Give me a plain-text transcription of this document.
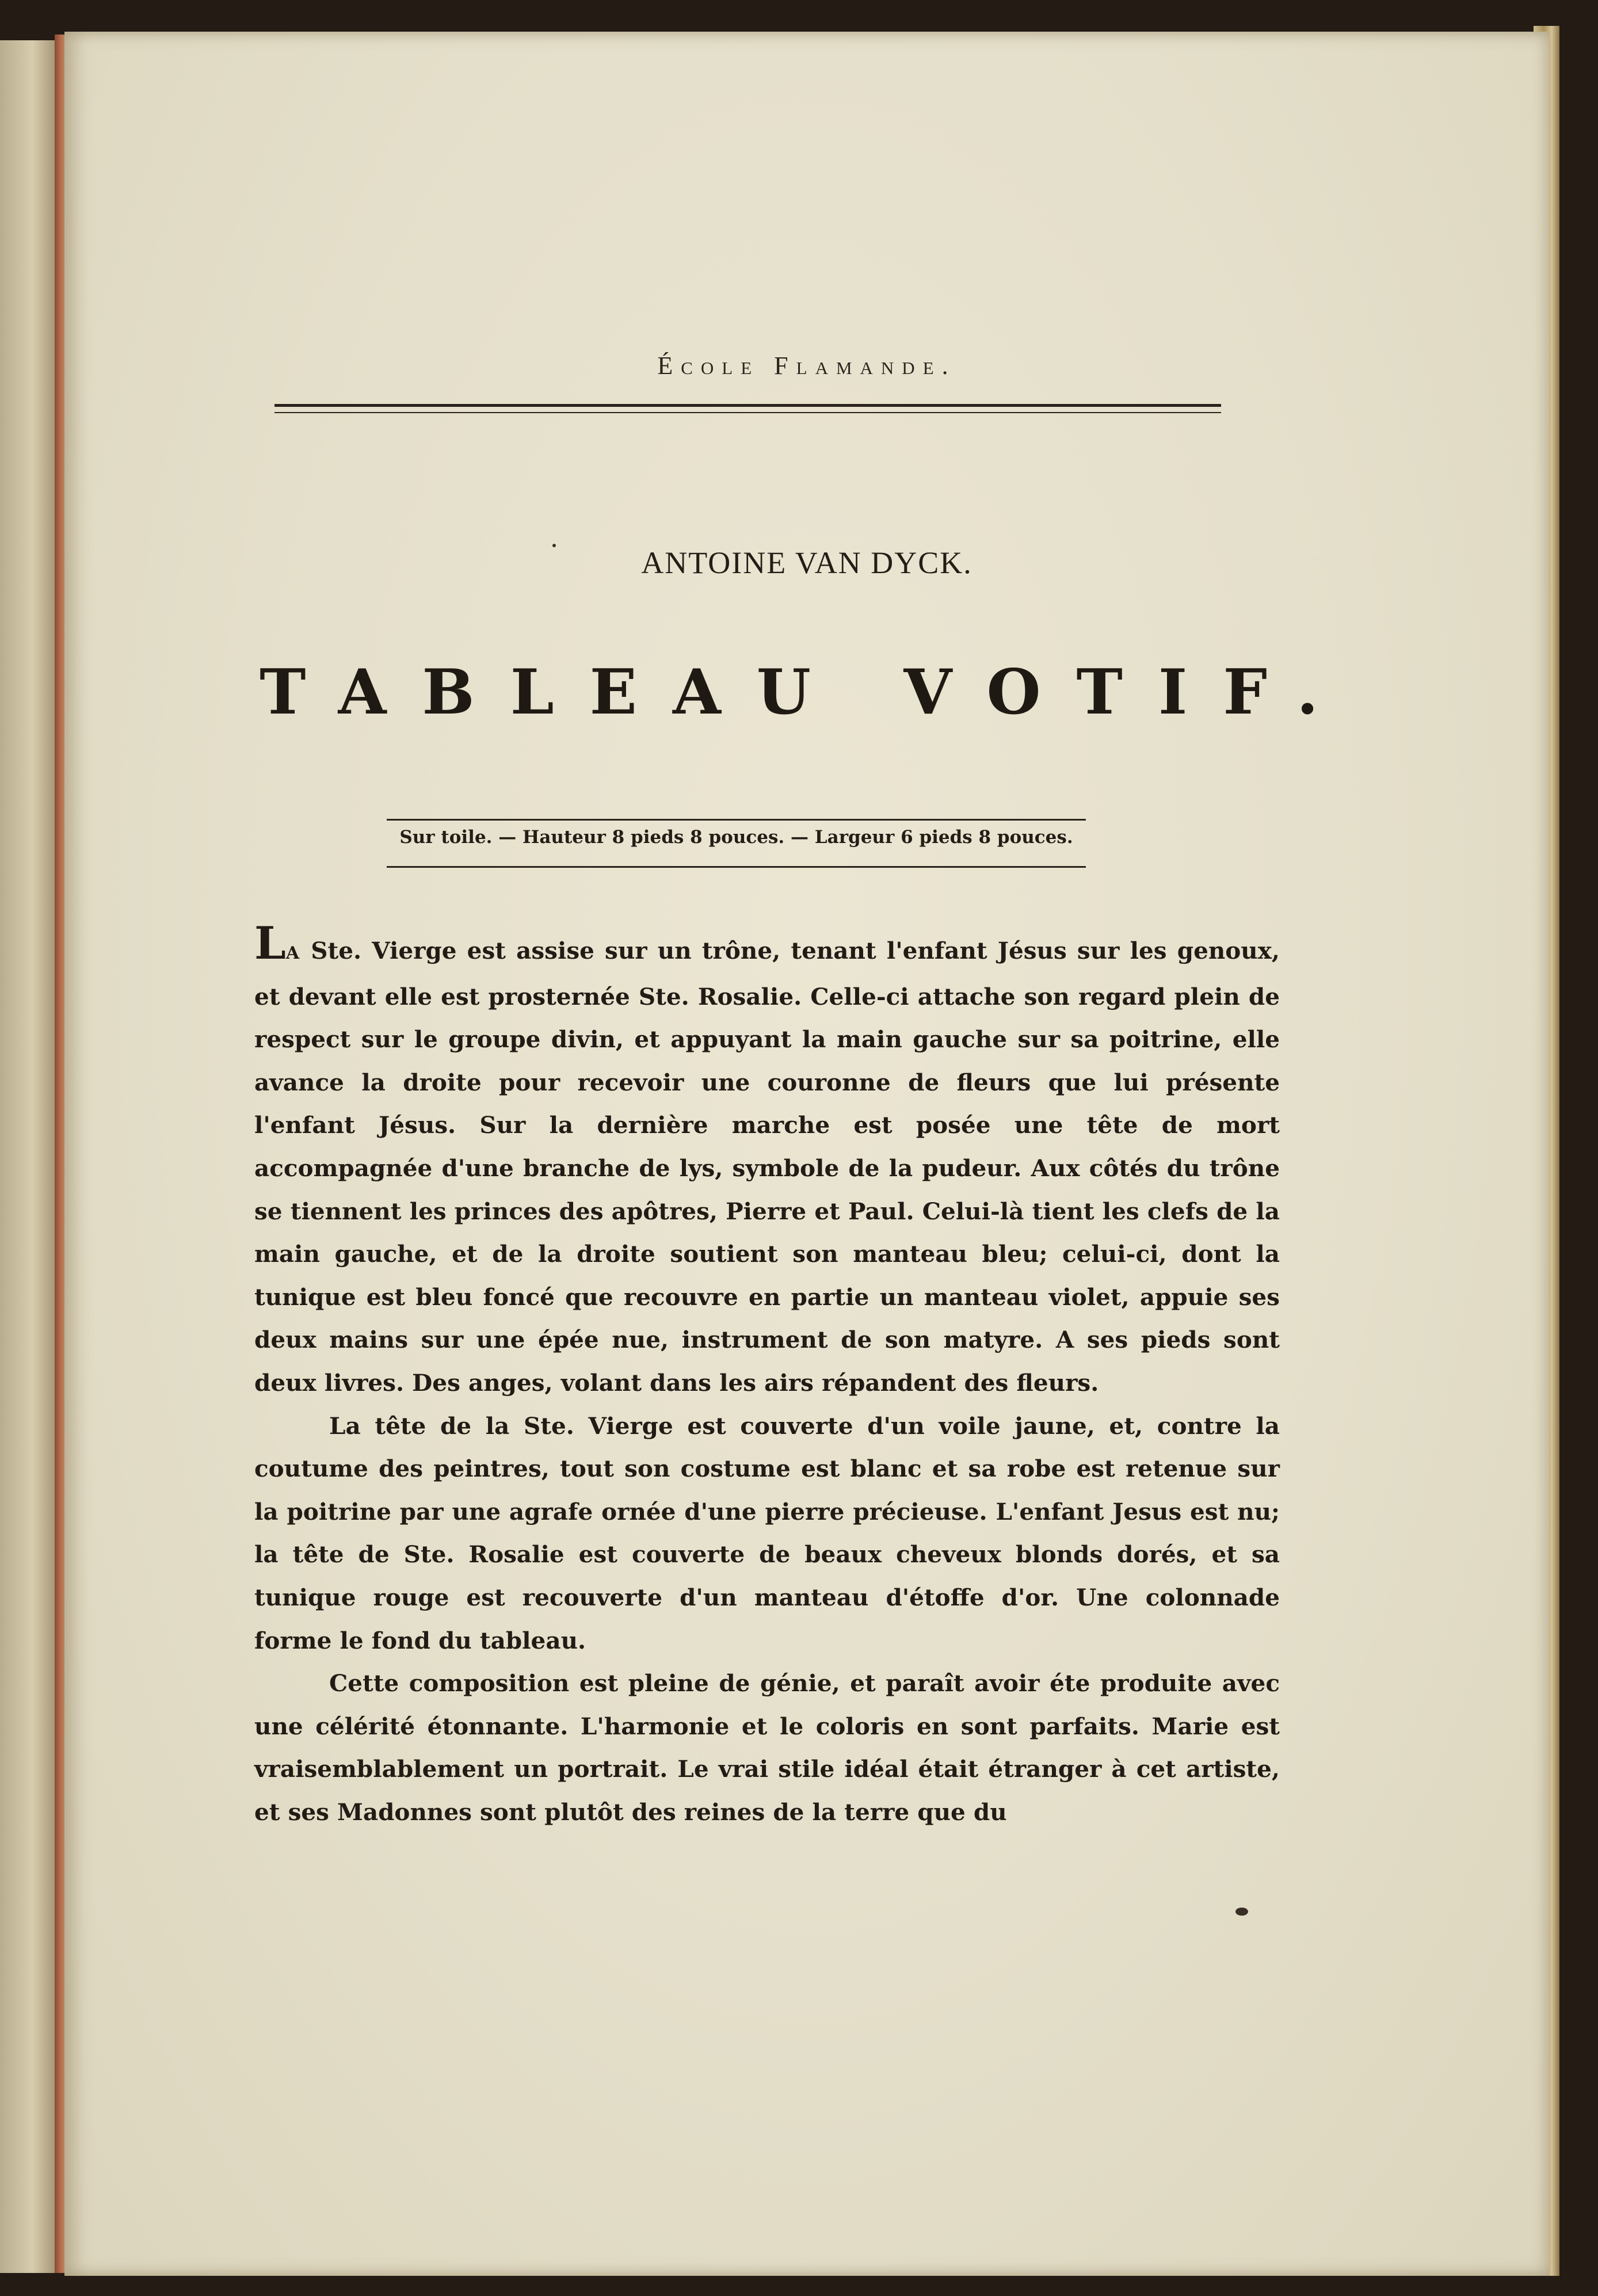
École Flamande.
ANTOINE VAN DYCK.
TABLEAU VOTIF.
Sur toile. — Hauteur 8 pieds 8 pouces. — Largeur 6 pieds 8 pouces.

LA Ste. Vierge est assise sur un trône, tenant l'enfant Jésus sur les genoux, et devant elle est prosternée Ste. Rosalie. Celle-ci attache son regard plein de respect sur le groupe divin, et appuyant la main gauche sur sa poitrine, elle avance la droite pour recevoir une couronne de fleurs que lui présente l'enfant Jésus. Sur la dernière marche est posée une tête de mort accompagnée d'une branche de lys, symbole de la pudeur. Aux côtés du trône se tiennent les princes des apôtres, Pierre et Paul. Celui-là tient les clefs de la main gauche, et de la droite soutient son manteau bleu; celui-ci, dont la tunique est bleu foncé que recouvre en partie un manteau violet, appuie ses deux mains sur une épée nue, instrument de son matyre. A ses pieds sont deux livres. Des anges, volant dans les airs répandent des fleurs.

La tête de la Ste. Vierge est couverte d'un voile jaune, et, contre la coutume des peintres, tout son costume est blanc et sa robe est retenue sur la poitrine par une agrafe ornée d'une pierre précieuse. L'enfant Jesus est nu; la tête de Ste. Rosalie est couverte de beaux cheveux blonds dorés, et sa tunique rouge est recouverte d'un manteau d'étoffe d'or. Une colonnade forme le fond du tableau.

Cette composition est pleine de génie, et paraît avoir éte produite avec une célérité étonnante. L'harmonie et le coloris en sont parfaits. Marie est vraisemblablement un portrait. Le vrai stile idéal était étranger à cet artiste, et ses Madonnes sont plutôt des reines de la terre que du
